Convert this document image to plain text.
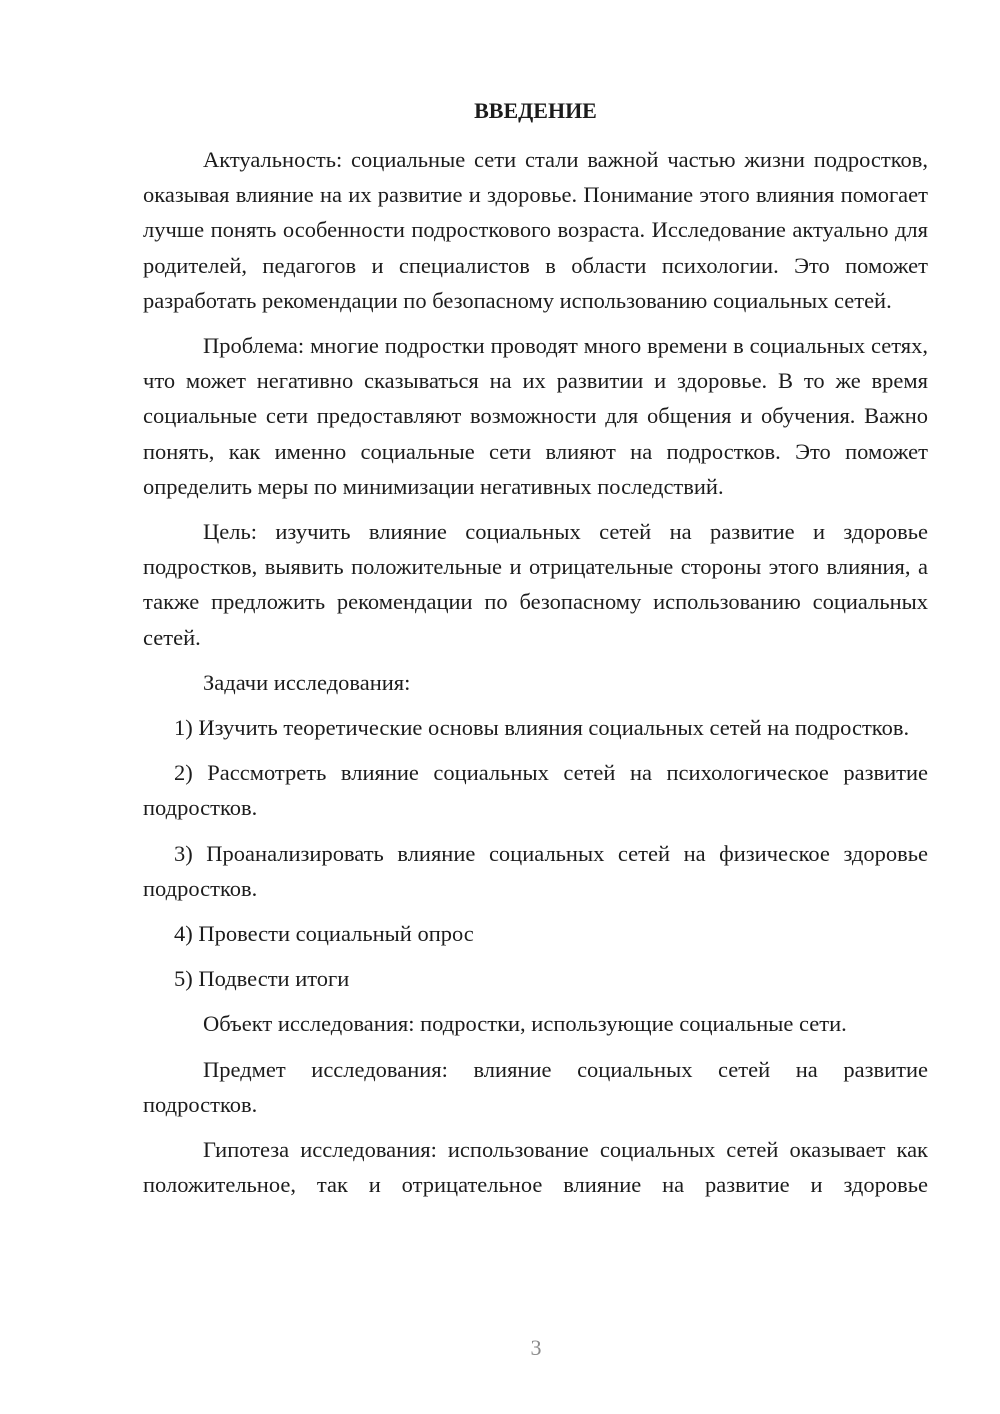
ВВЕДЕНИЕ

Актуальность: социальные сети стали важной частью жизни подростков, оказывая влияние на их развитие и здоровье. Понимание этого влияния помогает лучше понять особенности подросткового возраста. Исследование актуально для родителей, педагогов и специалистов в области психологии. Это поможет разработать рекомендации по безопасному использованию социальных сетей.

Проблема: многие подростки проводят много времени в социальных сетях, что может негативно сказываться на их развитии и здоровье. В то же время социальные сети предоставляют возможности для общения и обучения. Важно понять, как именно социальные сети влияют на подростков. Это поможет определить меры по минимизации негативных последствий.

Цель: изучить влияние социальных сетей на развитие и здоровье подростков, выявить положительные и отрицательные стороны этого влияния, а также предложить рекомендации по безопасному использованию социальных сетей.

Задачи исследования:

1) Изучить теоретические основы влияния социальных сетей на подростков.

2) Рассмотреть влияние социальных сетей на психологическое развитие подростков.

3) Проанализировать влияние социальных сетей на физическое здоровье подростков.

4) Провести социальный опрос

5) Подвести итоги

Объект исследования: подростки, использующие социальные сети.

Предмет исследования: влияние социальных сетей на развитие подростков.

Гипотеза исследования: использование социальных сетей оказывает как положительное, так и отрицательное влияние на развитие и здоровье

3
